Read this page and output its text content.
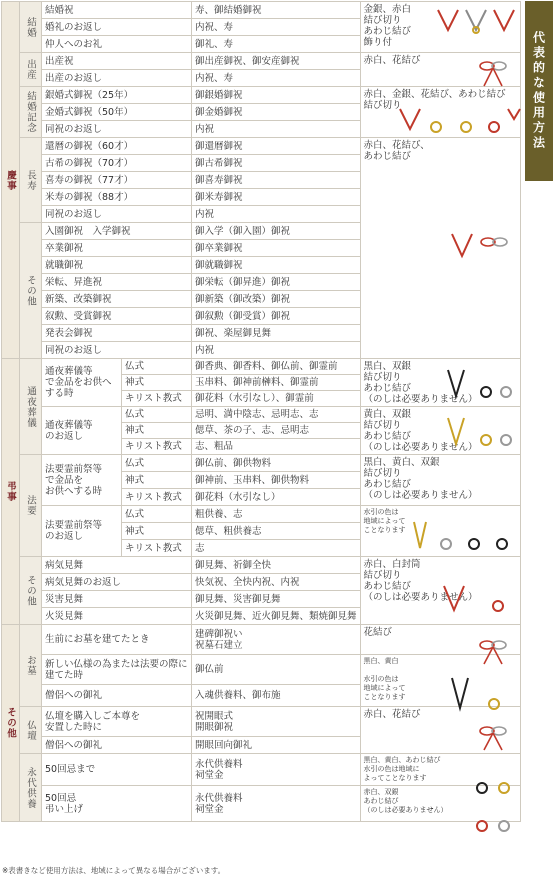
代表的な使用方法
慶事	結婚	結婚祝		寿、御結婚御祝	金銀、赤白
結び切り
あわじ結び
飾り付
		婚礼のお返し		内祝、寿	
		仲人へのお礼		御礼、寿	
	出産	出産祝		御出産御祝、御安産御祝	赤白、花結び
		出産のお返し		内祝、寿	
	結婚記念	銀婚式御祝（25年）		御銀婚御祝	赤白、金銀、花結び、あわじ結び
結び切り
		金婚式御祝（50年）		御金婚御祝	
		同祝のお返し		内祝	
	長寿	還暦の御祝（60才）		御還暦御祝	赤白、花結び、
あわじ結び
		古希の御祝（70才）		御古希御祝	
		喜寿の御祝（77才）		御喜寿御祝	
		米寿の御祝（88才）		御米寿御祝	
		同祝のお返し		内祝	
	その他	入園御祝　入学御祝		御入学（御入園）御祝	
		卒業御祝		御卒業御祝	
		就職御祝		御就職御祝	
		栄転、昇進祝		御栄転（御昇進）御祝	
		新築、改築御祝		御新築（御改築）御祝	
		叙勲、受賞御祝		御叙勲（御受賞）御祝	
		発表会御祝		御祝、楽屋御見舞	
		同祝のお返し		内祝	
弔事	通夜葬儀	通夜葬儀等
で金品をお供へ
する時	仏式	御香典、御香料、御仏前、御霊前	黒白、双銀
結び切り
あわじ結び
（のしは必要ありません）
			神式	玉串料、御神前榊料、御霊前	
			キリスト教式	御花料（水引なし）、御霊前	
		通夜葬儀等
のお返し	仏式	忌明、満中陰志、忌明志、志	黄白、双銀
結び切り
あわじ結び
（のしは必要ありません）
			神式	偲草、茶の子、志、忌明志	
			キリスト教式	志、粗品	
	法要	法要霊前祭等
で金品を
お供へする時	仏式	御仏前、御供物料	黒白、黄白、双銀
結び切り
あわじ結び
（のしは必要ありません）
			神式	御神前、玉串料、御供物料	
			キリスト教式	御花料（水引なし）	
		法要霊前祭等
のお返し	仏式	粗供養、志	水引の色は
地域によって
ことなります

			神式	偲草、粗供養志	
			キリスト教式	志	
	その他	病気見舞		御見舞、祈御全快	赤白、白封筒
結び切り
あわじ結び
（のしは必要ありません）
		病気見舞のお返し		快気祝、全快内祝、内祝	
		災害見舞		御見舞、災害御見舞	
		火災見舞		火災御見舞、近火御見舞、類焼御見舞	
その他	お墓	生前にお墓を建てたとき		建碑御祝い
祝墓石建立	花結び
		新しい仏様の為または法要の際に
建てた時		御仏前	黒白、黄白

水引の色は
地域によって
ことなります

		僧侶への御礼		入魂供養料、御布施	
	仏壇	仏壇を購入しご本尊を
安置した時に		祝開眼式
開眼御祝	赤白、花結び
		僧侶への御礼		開眼回向御礼	
	永代供養	50回忌まで		永代供養料
祠堂金	黒白、黄白、あわじ結び
水引の色は地域に
よってことなります

		50回忌
弔い上げ		永代供養料
祠堂金	赤白、双銀
あわじ結び
（のしは必要ありません）
※表書きなど使用方法は、地域によって異なる場合がございます。
